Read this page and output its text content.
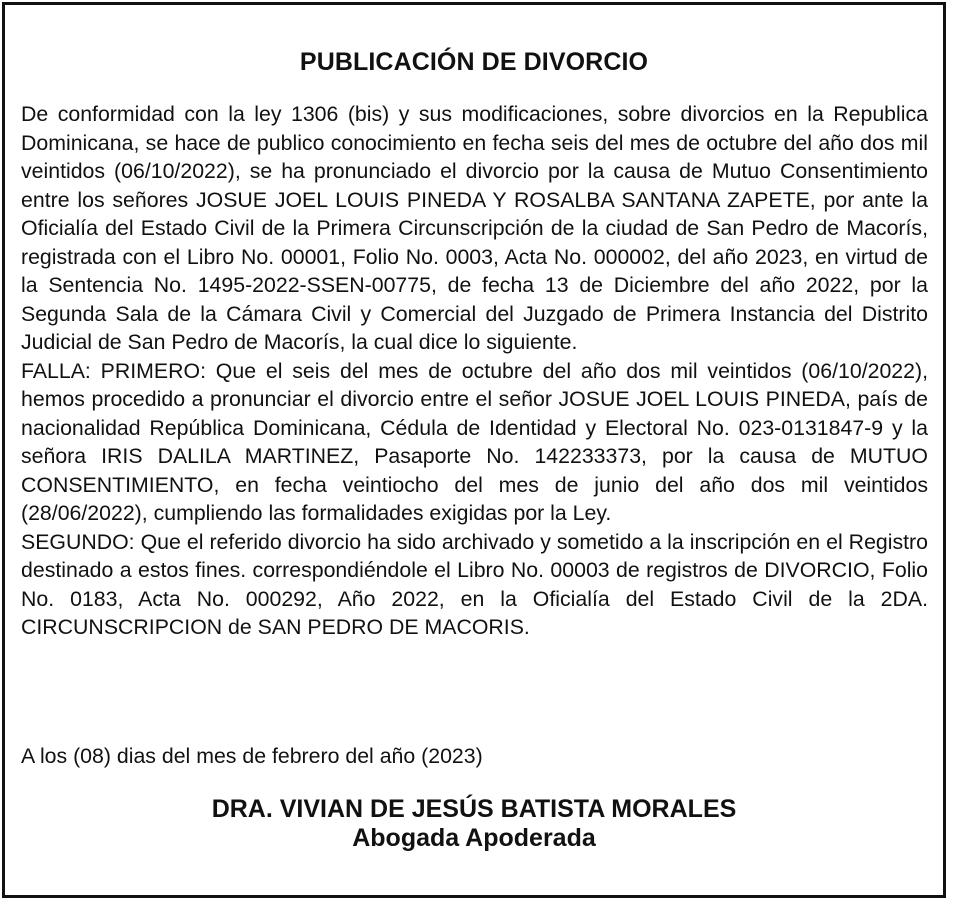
PUBLICACIÓN DE DIVORCIO

De conformidad con la ley 1306 (bis) y sus modificaciones, sobre divorcios en la Republica Dominicana, se hace de publico conocimiento en fecha seis del mes de octubre del año dos mil veintidos (06/10/2022), se ha pronunciado el divorcio por la causa de Mutuo Consentimiento entre los señores JOSUE JOEL LOUIS PINEDA Y ROSALBA SANTANA ZAPETE, por ante la Oficialía del Estado Civil de la Primera Circunscripción de la ciudad de San Pedro de Macorís, registrada con el Libro No. 00001, Folio No. 0003, Acta No. 000002, del año 2023, en virtud de la Sentencia No. 1495-2022-SSEN-00775, de fecha 13 de Diciembre del año 2022, por la Segunda Sala de la Cámara Civil y Comercial del Juzgado de Primera Instancia del Distrito Judicial de San Pedro de Macorís, la cual dice lo siguiente.

FALLA: PRIMERO: Que el seis del mes de octubre del año dos mil veintidos (06/10/2022), hemos procedido a pronunciar el divorcio entre el señor JOSUE JOEL LOUIS PINEDA, país de nacionalidad República Dominicana, Cédula de Identidad y Electoral No. 023-0131847-9 y la señora IRIS DALILA MARTINEZ, Pasaporte No. 142233373, por la causa de MUTUO CONSENTIMIENTO, en fecha veintiocho del mes de junio del año dos mil veintidos (28/06/2022), cumpliendo las formalidades exigidas por la Ley.

SEGUNDO: Que el referido divorcio ha sido archivado y sometido a la inscripción en el Registro destinado a estos fines. correspondiéndole el Libro No. 00003 de registros de DIVORCIO, Folio No. 0183, Acta No. 000292, Año 2022, en la Oficialía del Estado Civil de la 2DA. CIRCUNSCRIPCION de SAN PEDRO DE MACORIS.

A los (08) dias del mes de febrero del año (2023)
DRA. VIVIAN DE JESÚS BATISTA MORALES
Abogada Apoderada
